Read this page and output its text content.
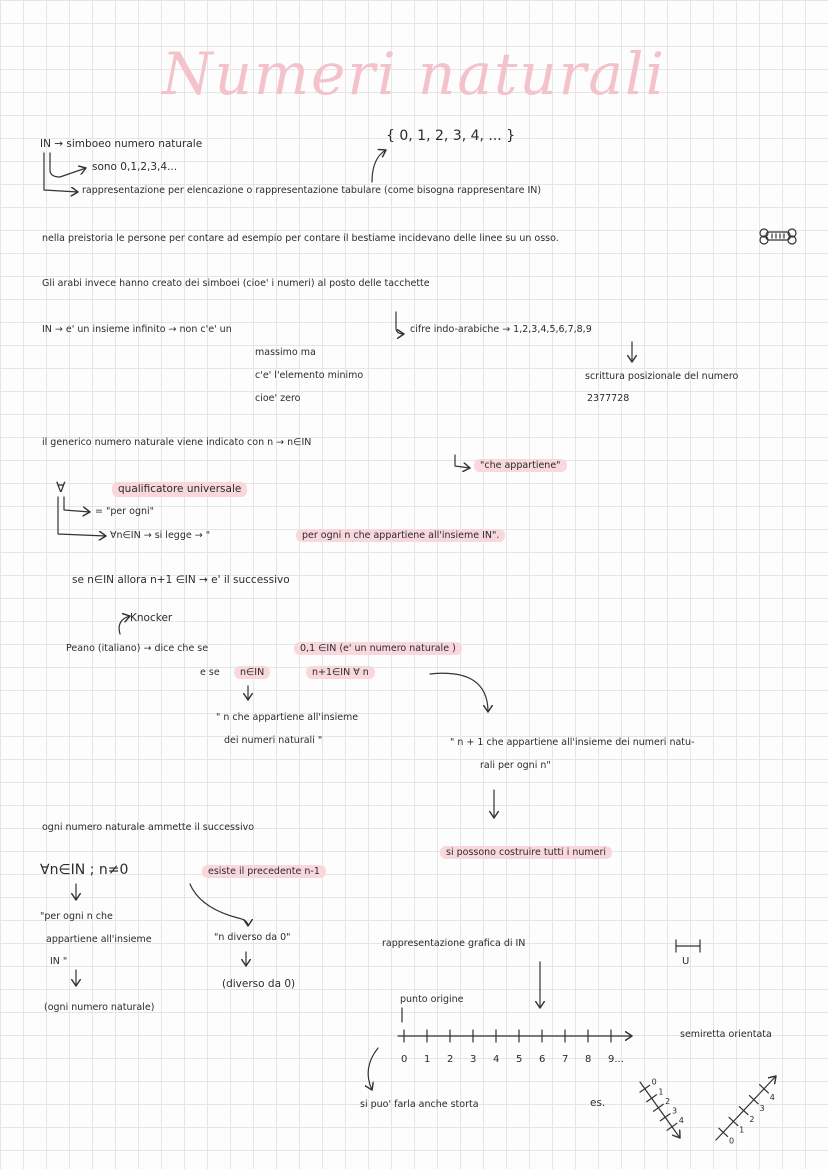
Numeri naturali
IN → simboeo numero naturale
sono 0,1,2,3,4...
{ 0, 1, 2, 3, 4, ... }
rappresentazione per elencazione o rappresentazione tabulare (come bisogna rappresentare IN)
nella preistoria le persone per contare ad esempio per contare il bestiame incidevano delle linee su un osso.
Gli arabi invece hanno creato dei simboei (cioe' i numeri) al posto delle tacchette
IN → e' un insieme infinito → non c'e' un
massimo ma
c'e' l'elemento minimo
cioe' zero
cifre indo-arabiche → 1,2,3,4,5,6,7,8,9
scrittura posizionale del numero
2377728
il generico numero naturale viene indicato con n → n∈IN
"che appartiene"
∀	qualificatore universale
= "per ogni"
∀n∈IN → si legge → "	per ogni n che appartiene all'insieme IN".
se n∈IN allora n+1 ∈IN → e' il successivo
Knocker
Peano (italiano) → dice che se	0,1 ∈IN (e' un numero naturale )
e se	n∈IN	n+1∈IN ∀ n
" n che appartiene all'insieme
dei numeri naturali "	" n + 1 che appartiene all'insieme dei numeri natu-
rali per ogni n"
si possono costruire tutti i numeri
ogni numero naturale ammette il successivo
∀n∈IN ; n≠0	esiste il precedente n-1
"per ogni n che
appartiene all'insieme
IN "
(ogni numero naturale)
"n diverso da 0"
(diverso da 0)
rappresentazione grafica di IN
punto origine
semiretta orientata
si puo' farla anche storta	es.
U
0 1 2 3 4 5 6 7 8 9...
0
1
2
3
4
0
1
2
3
4
